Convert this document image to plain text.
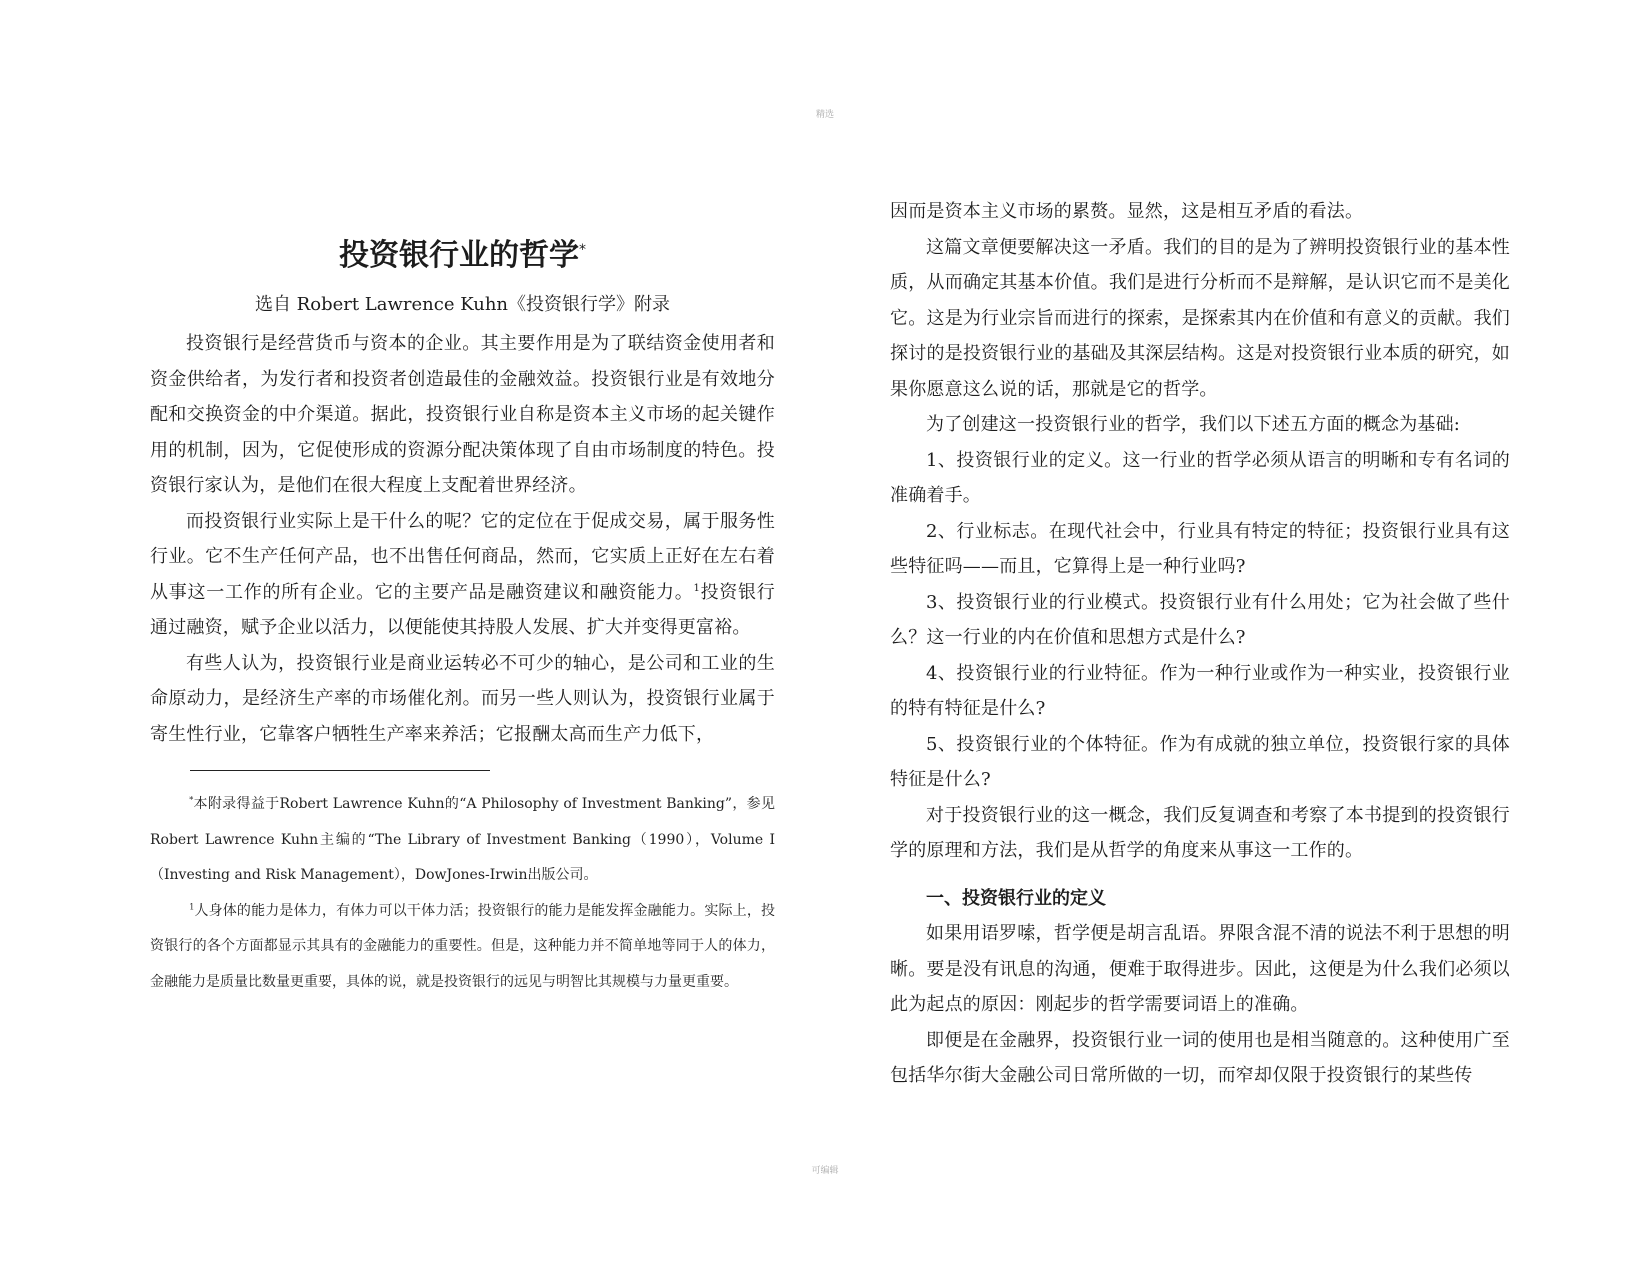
精选
投资银行业的哲学*

选自 Robert Lawrence Kuhn《投资银行学》附录

投资银行是经营货币与资本的企业。其主要作用是为了联结资金使用者和资金供给者，为发行者和投资者创造最佳的金融效益。投资银行业是有效地分配和交换资金的中介渠道。据此，投资银行业自称是资本主义市场的起关键作用的机制，因为，它促使形成的资源分配决策体现了自由市场制度的特色。投资银行家认为，是他们在很大程度上支配着世界经济。

而投资银行业实际上是干什么的呢？它的定位在于促成交易，属于服务性行业。它不生产任何产品，也不出售任何商品，然而，它实质上正好在左右着从事这一工作的所有企业。它的主要产品是融资建议和融资能力。$^1$投资银行通过融资，赋予企业以活力，以便能使其持股人发展、扩大并变得更富裕。

有些人认为，投资银行业是商业运转必不可少的轴心，是公司和工业的生命原动力，是经济生产率的市场催化剂。而另一些人则认为，投资银行业属于寄生性行业，它靠客户牺牲生产率来养活；它报酬太高而生产力低下，

*本附录得益于Robert Lawrence Kuhn的“A Philosophy of Investment Banking”，参见Robert Lawrence Kuhn主编的“The Library of Investment Banking（1990），Volume I（Investing and Risk Management），DowJones-Irwin出版公司。

$^1$人身体的能力是体力，有体力可以干体力活；投资银行的能力是能发挥金融能力。实际上，投资银行的各个方面都显示其具有的金融能力的重要性。但是，这种能力并不简单地等同于人的体力，金融能力是质量比数量更重要，具体的说，就是投资银行的远见与明智比其规模与力量更重要。

因而是资本主义市场的累赘。显然，这是相互矛盾的看法。

这篇文章便要解决这一矛盾。我们的目的是为了辨明投资银行业的基本性质，从而确定其基本价值。我们是进行分析而不是辩解，是认识它而不是美化它。这是为行业宗旨而进行的探索，是探索其内在价值和有意义的贡献。我们探讨的是投资银行业的基础及其深层结构。这是对投资银行业本质的研究，如果你愿意这么说的话，那就是它的哲学。

为了创建这一投资银行业的哲学，我们以下述五方面的概念为基础:

1、投资银行业的定义。这一行业的哲学必须从语言的明晰和专有名词的准确着手。

2、行业标志。在现代社会中，行业具有特定的特征；投资银行业具有这些特征吗——而且，它算得上是一种行业吗?

3、投资银行业的行业模式。投资银行业有什么用处；它为社会做了些什么？这一行业的内在价值和思想方式是什么?

4、投资银行业的行业特征。作为一种行业或作为一种实业，投资银行业的特有特征是什么?

5、投资银行业的个体特征。作为有成就的独立单位，投资银行家的具体特征是什么?

对于投资银行业的这一概念，我们反复调查和考察了本书提到的投资银行学的原理和方法，我们是从哲学的角度来从事这一工作的。

一、投资银行业的定义

如果用语罗嗦，哲学便是胡言乱语。界限含混不清的说法不利于思想的明晰。要是没有讯息的沟通，便难于取得进步。因此，这便是为什么我们必须以此为起点的原因：刚起步的哲学需要词语上的准确。

即便是在金融界，投资银行业一词的使用也是相当随意的。这种使用广至包括华尔街大金融公司日常所做的一切，而窄却仅限于投资银行的某些传

可编辑
